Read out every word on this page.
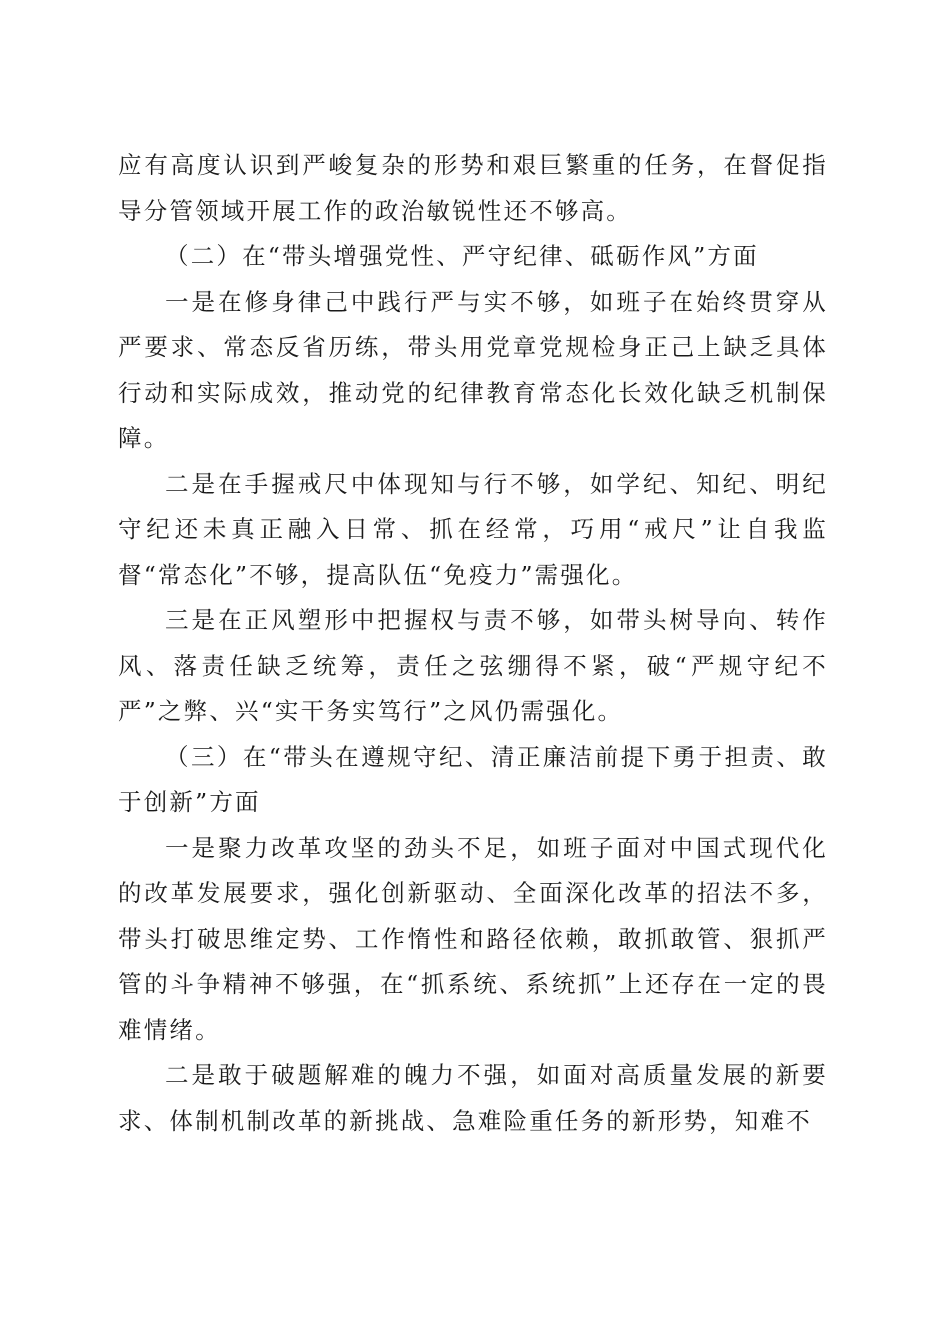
应有高度认识到严峻复杂的形势和艰巨繁重的任务，在督促指导分管领域开展工作的政治敏锐性还不够高。

（二）在“带头增强党性、严守纪律、砥砺作风”方面

一是在修身律己中践行严与实不够，如班子在始终贯穿从严要求、常态反省历练，带头用党章党规检身正己上缺乏具体行动和实际成效，推动党的纪律教育常态化长效化缺乏机制保障。

二是在手握戒尺中体现知与行不够，如学纪、知纪、明纪守纪还未真正融入日常、抓在经常，巧用“戒尺”让自我监督“常态化”不够，提高队伍“免疫力”需强化。

三是在正风塑形中把握权与责不够，如带头树导向、转作风、落责任缺乏统筹，责任之弦绷得不紧，破“严规守纪不严”之弊、兴“实干务实笃行”之风仍需强化。

（三）在“带头在遵规守纪、清正廉洁前提下勇于担责、敢于创新”方面

一是聚力改革攻坚的劲头不足，如班子面对中国式现代化的改革发展要求，强化创新驱动、全面深化改革的招法不多，带头打破思维定势、工作惰性和路径依赖，敢抓敢管、狠抓严管的斗争精神不够强，在“抓系统、系统抓”上还存在一定的畏难情绪。

二是敢于破题解难的魄力不强，如面对高质量发展的新要求、体制机制改革的新挑战、急难险重任务的新形势，知难不
